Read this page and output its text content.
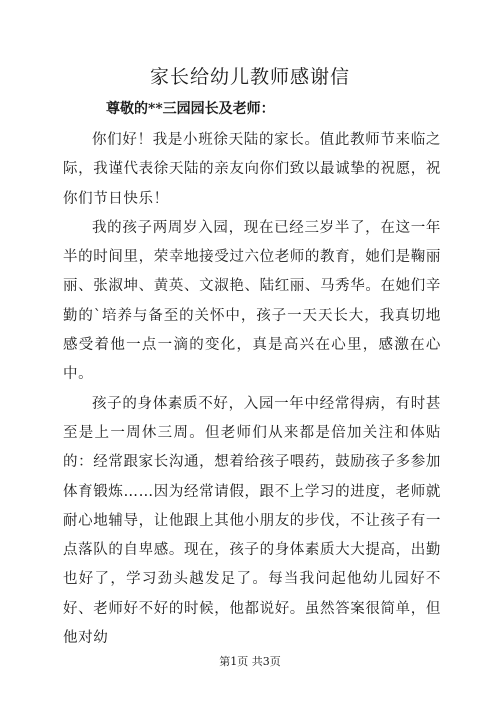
家长给幼儿教师感谢信

尊敬的**三园园长及老师：

你们好！我是小班徐天陆的家长。值此教师节来临之际，我谨代表徐天陆的亲友向你们致以最诚挚的祝愿，祝你们节日快乐！

我的孩子两周岁入园，现在已经三岁半了，在这一年半的时间里，荣幸地接受过六位老师的教育，她们是鞠丽丽、张淑坤、黄英、文淑艳、陆红丽、马秀华。在她们辛勤的`培养与备至的关怀中，孩子一天天长大，我真切地感受着他一点一滴的变化，真是高兴在心里，感激在心中。

孩子的身体素质不好，入园一年中经常得病，有时甚至是上一周休三周。但老师们从来都是倍加关注和体贴的：经常跟家长沟通，想着给孩子喂药，鼓励孩子多参加体育锻炼……因为经常请假，跟不上学习的进度，老师就耐心地辅导，让他跟上其他小朋友的步伐，不让孩子有一点落队的自卑感。现在，孩子的身体素质大大提高，出勤也好了，学习劲头越发足了。每当我问起他幼儿园好不好、老师好不好的时候，他都说好。虽然答案很简单，但他对幼

第1页 共3页
